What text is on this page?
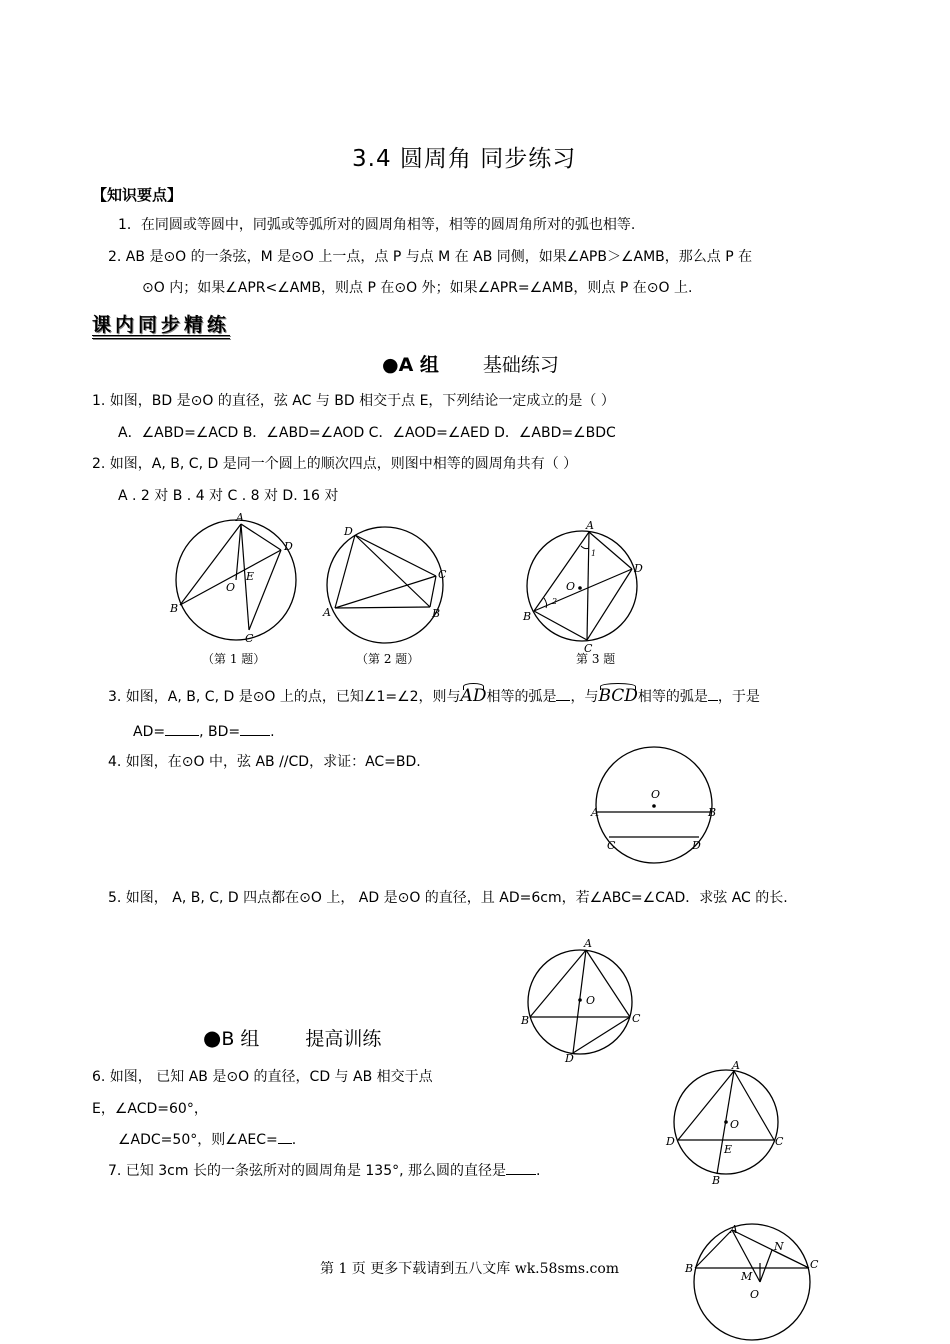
3.4 圆周角 同步练习
【知识要点】
1．在同圆或等圆中，同弧或等弧所对的圆周角相等，相等的圆周角所对的弧也相等.
2. AB 是⊙O 的一条弦，M 是⊙O 上一点，点 P 与点 M 在 AB 同侧，如果∠APB＞∠AMB，那么点 P 在
⊙O 内；如果∠APR<∠AMB，则点 P 在⊙O 外；如果∠APR=∠AMB，则点 P 在⊙O 上.
课内同步精练
●A 组 基础练习
1. 如图，BD 是⊙O 的直径，弦 AC 与 BD 相交于点 E，下列结论一定成立的是（ ）
A．∠ABD=∠ACD B．∠ABD=∠AOD C．∠AOD=∠AED D．∠ABD=∠BDC
2. 如图，A, B, C, D 是同一个圆上的顺次四点，则图中相等的圆周角共有（ ）
A . 2 对 B . 4 对 C . 8 对 D. 16 对
A
D
B
C
O
E
（第 1 题）
D
C
A	B
（第 2 题）
A
D
B
C
O
1
2
第 3 题
3. 如图，A, B, C, D 是⊙O 上的点，已知∠1=∠2，则与AD相等的弧是 ，与BCD相等的弧是 ，于是
AD= , BD= .
4. 如图，在⊙O 中，弦 AB //CD，求证：AC=BD.
O
A	B
C	D
5. 如图， A, B, C, D 四点都在⊙O 上， AD 是⊙O 的直径，且 AD=6cm，若∠ABC=∠CAD．求弦 AC 的长.
A
O
B	C
D
●B 组 提高训练
6. 如图， 已知 AB 是⊙O 的直径，CD 与 AB 相交于点
E，∠ACD=60°，
∠ADC=50°，则∠AEC= .
A
O
D	C
E
B
7. 已知 3cm 长的一条弦所对的圆周角是 135°, 那么圆的直径是 .
A
N
B	C
M
O
第 1 页 更多下载请到五八文库 wk.58sms.com
